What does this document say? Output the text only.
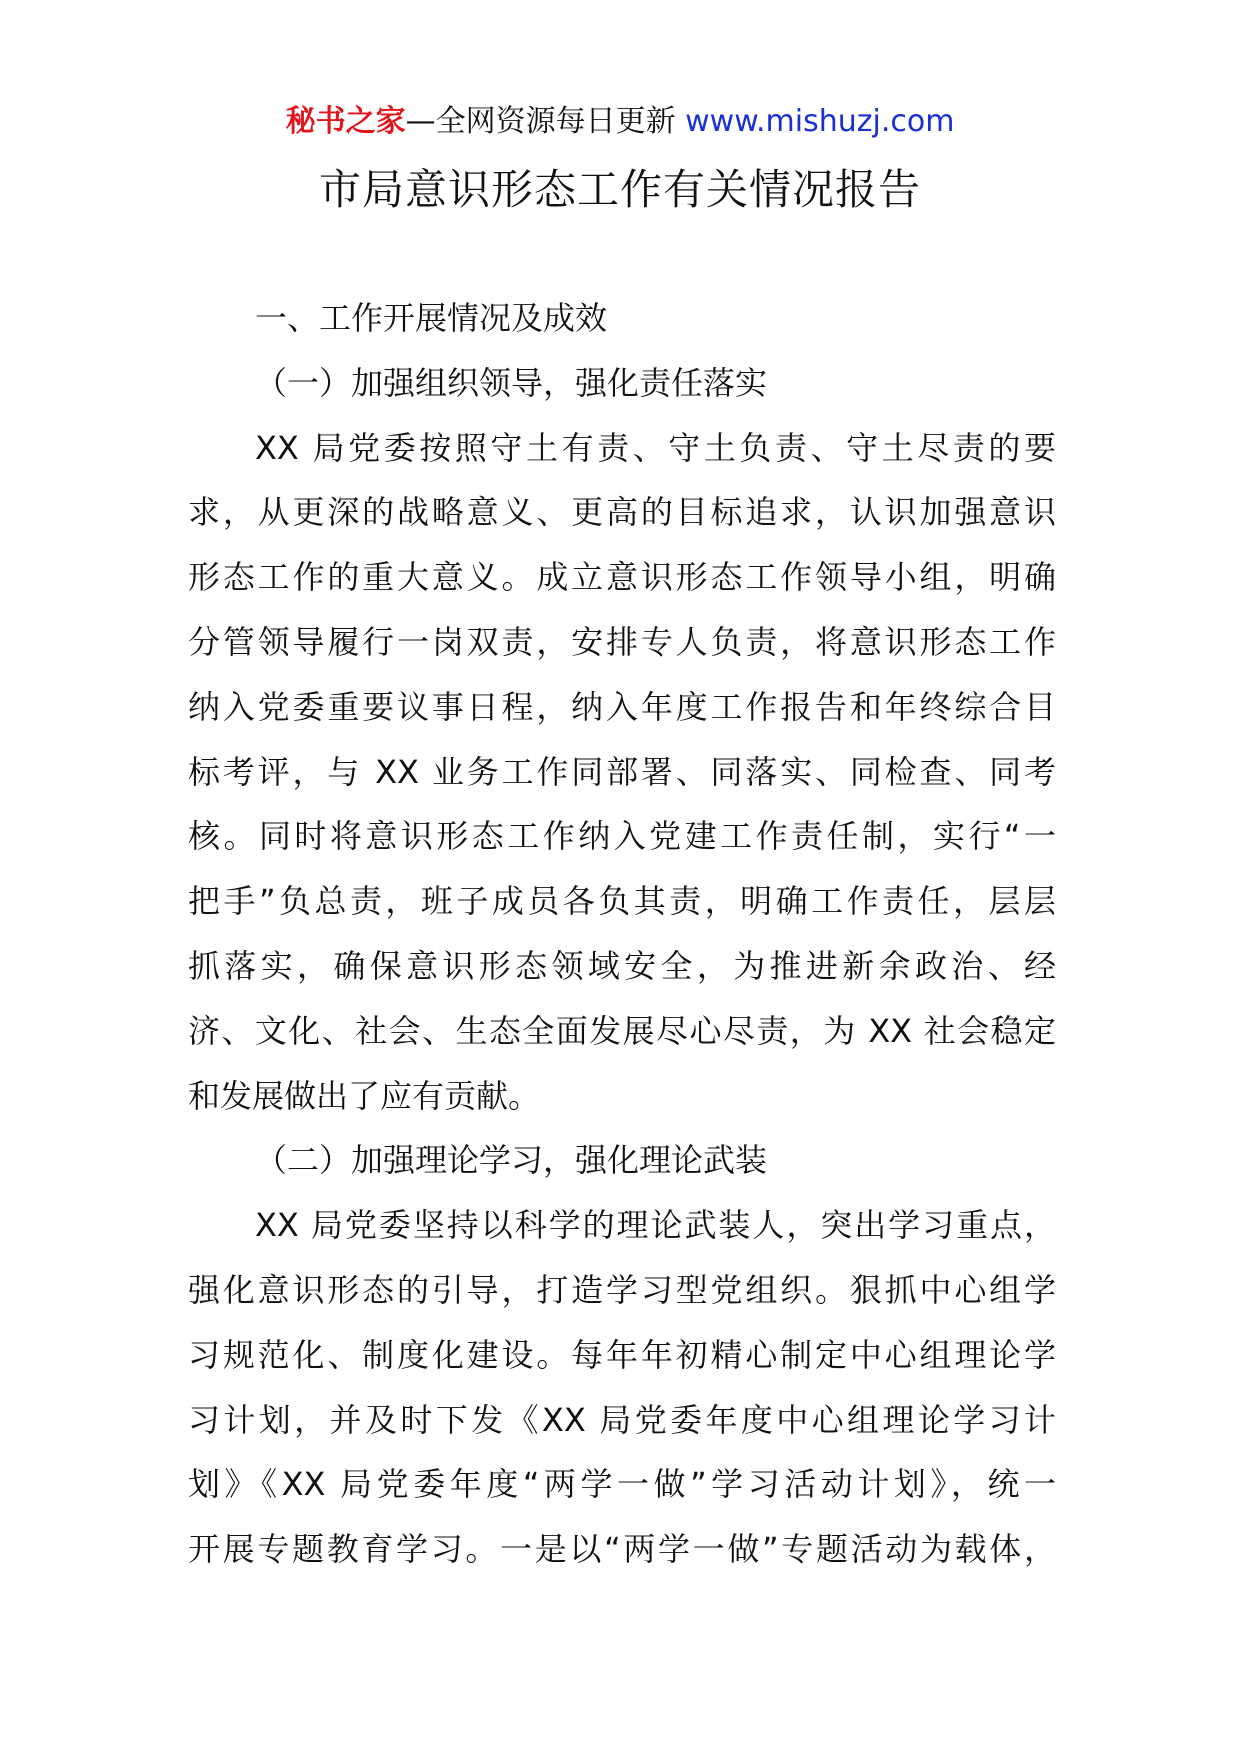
秘书之家—全网资源每日更新 www.mishuzj.com
市局意识形态工作有关情况报告
一、工作开展情况及成效
（一）加强组织领导，强化责任落实
XX 局党委按照守土有责、守土负责、守土尽责的要
求，从更深的战略意义、更高的目标追求，认识加强意识
形态工作的重大意义。成立意识形态工作领导小组，明确
分管领导履行一岗双责，安排专人负责，将意识形态工作
纳入党委重要议事日程，纳入年度工作报告和年终综合目
标考评，与 XX 业务工作同部署、同落实、同检查、同考
核。同时将意识形态工作纳入党建工作责任制，实行“一
把手”负总责，班子成员各负其责，明确工作责任，层层
抓落实，确保意识形态领域安全，为推进新余政治、经
济、文化、社会、生态全面发展尽心尽责，为 XX 社会稳定
和发展做出了应有贡献。
（二）加强理论学习，强化理论武装
XX 局党委坚持以科学的理论武装人，突出学习重点，
强化意识形态的引导，打造学习型党组织。狠抓中心组学
习规范化、制度化建设。每年年初精心制定中心组理论学
习计划，并及时下发《XX 局党委年度中心组理论学习计
划》《XX 局党委年度“两学一做”学习活动计划》，统一
开展专题教育学习。一是以“两学一做”专题活动为载体，
